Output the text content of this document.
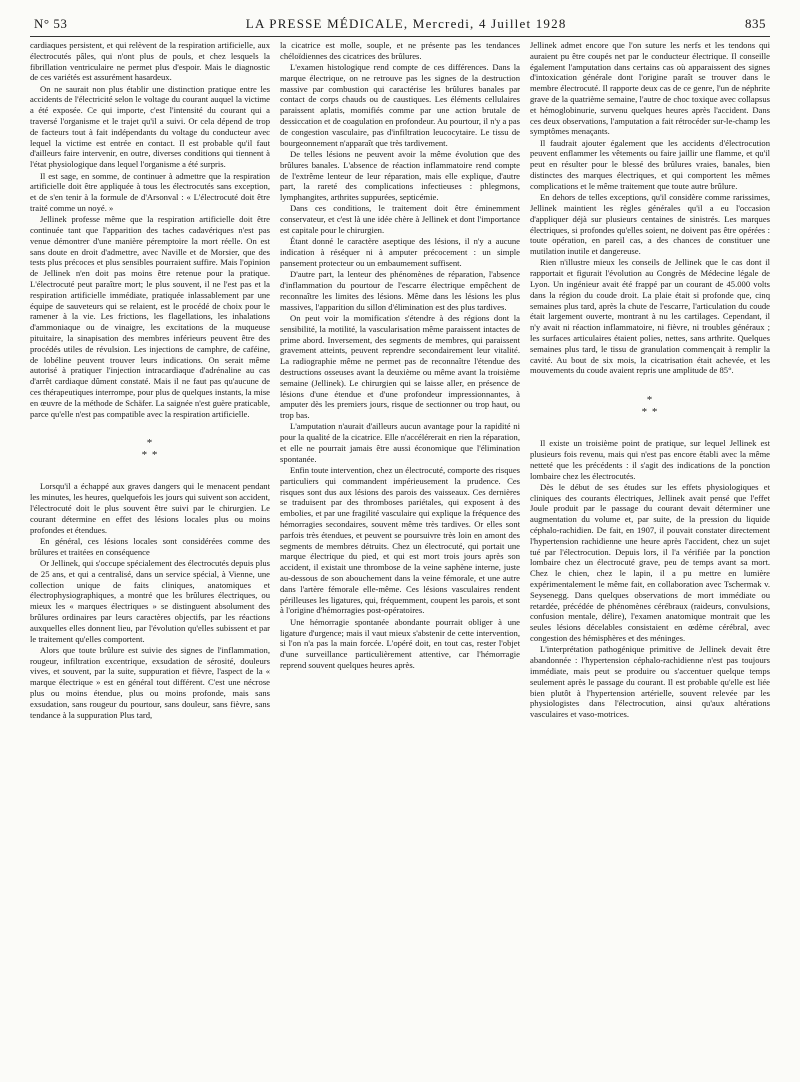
N° 53	LA PRESSE MÉDICALE, Mercredi, 4 Juillet 1928	835

cardiaques persistent, et qui relèvent de la respiration artificielle, aux électrocutés pâles, qui n'ont plus de pouls, et chez lesquels la fibrillation ventriculaire ne permet plus d'espoir. Mais le diagnostic de ces variétés est assurément hasardeux.

On ne saurait non plus établir une distinction pratique entre les accidents de l'électricité selon le voltage du courant auquel la victime a été exposée. Ce qui importe, c'est l'intensité du courant qui a traversé l'organisme et le trajet qu'il a suivi. Or cela dépend de trop de facteurs tout à fait indépendants du voltage du conducteur avec lequel la victime est entrée en contact. Il est probable qu'il faut d'ailleurs faire intervenir, en outre, diverses conditions qui tiennent à l'état physiologique dans lequel l'organisme a été surpris.

Il est sage, en somme, de continuer à admettre que la respiration artificielle doit être appliquée à tous les électrocutés sans exception, et de s'en tenir à la formule de d'Arsonval : « L'électrocuté doit être traité comme un noyé. »

Jellinek professe même que la respiration artificielle doit être continuée tant que l'apparition des taches cadavériques n'est pas venue démontrer d'une manière péremptoire la mort réelle. On est sans doute en droit d'admettre, avec Naville et de Morsier, que des tests plus précoces et plus sensibles pourraient suffire. Mais l'opinion de Jellinek n'en doit pas moins être retenue pour la pratique. L'électrocuté peut paraître mort; le plus souvent, il ne l'est pas et la respiration artificielle immédiate, pratiquée inlassablement par une équipe de sauveteurs qui se relaient, est le procédé de choix pour le ramener à la vie. Les frictions, les flagellations, les inhalations d'ammoniaque ou de vinaigre, les excitations de la muqueuse pituitaire, la sinapisation des membres inférieurs peuvent être des procédés utiles de révulsion. Les injections de camphre, de caféine, de lobéline peuvent trouver leurs indications. On serait même autorisé à pratiquer l'injection intracardiaque d'adrénaline au cas d'arrêt cardiaque dûment constaté. Mais il ne faut pas qu'aucune de ces thérapeutiques interrompe, pour plus de quelques instants, la mise en œuvre de la méthode de Schäfer. La saignée n'est guère praticable, parce qu'elle n'est pas compatible avec la respiration artificielle.

*
* *

Lorsqu'il a échappé aux graves dangers qui le menacent pendant les minutes, les heures, quelquefois les jours qui suivent son accident, l'électrocuté doit le plus souvent être suivi par le chirurgien. Le courant détermine en effet des lésions locales plus ou moins profondes et étendues.

En général, ces lésions locales sont considérées comme des brûlures et traitées en conséquence

Or Jellinek, qui s'occupe spécialement des électrocutés depuis plus de 25 ans, et qui a centralisé, dans un service spécial, à Vienne, une collection unique de faits cliniques, anatomiques et électrophysiographiques, a montré que les brûlures électriques, ou mieux les « marques électriques » se distinguent absolument des brûlures ordinaires par leurs caractères objectifs, par les réactions auxquelles elles donnent lieu, par l'évolution qu'elles subissent et par le traitement qu'elles comportent.

Alors que toute brûlure est suivie des signes de l'inflammation, rougeur, infiltration excentrique, exsudation de sérosité, douleurs vives, et souvent, par la suite, suppuration et fièvre, l'aspect de la « marque électrique » est en général tout différent. C'est une nécrose plus ou moins étendue, plus ou moins profonde, mais sans exsudation, sans rougeur du pourtour, sans douleur, sans fièvre, sans tendance à la suppuration Plus tard,

la cicatrice est molle, souple, et ne présente pas les tendances chéloïdiennes des cicatrices des brûlures.

L'examen histologique rend compte de ces différences. Dans la marque électrique, on ne retrouve pas les signes de la destruction massive par combustion qui caractérise les brûlures banales par contact de corps chauds ou de caustiques. Les éléments cellulaires paraissent aplatis, momifiés comme par une action brutale de dessiccation et de coagulation en profondeur. Au pourtour, il n'y a pas de congestion vasculaire, pas d'infiltration leucocytaire. Le tissu de bourgeonnement n'apparaît que très tardivement.

De telles lésions ne peuvent avoir la même évolution que des brûlures banales. L'absence de réaction inflammatoire rend compte de l'extrême lenteur de leur réparation, mais elle explique, d'autre part, la rareté des complications infectieuses : phlegmons, lymphangites, arthrites suppurées, septicémie.

Dans ces conditions, le traitement doit être éminemment conservateur, et c'est là une idée chère à Jellinek et dont l'importance est capitale pour le chirurgien.

Étant donné le caractère aseptique des lésions, il n'y a aucune indication à réséquer ni à amputer précocement : un simple pansement protecteur ou un embaumement suffisent.

D'autre part, la lenteur des phénomènes de réparation, l'absence d'inflammation du pourtour de l'escarre électrique empêchent de reconnaître les limites des lésions. Même dans les lésions les plus massives, l'apparition du sillon d'élimination est des plus tardives.

On peut voir la momification s'étendre à des régions dont la sensibilité, la motilité, la vascularisation même paraissent intactes de prime abord. Inversement, des segments de membres, qui paraissent gravement atteints, peuvent reprendre secondairement leur vitalité. La radiographie même ne permet pas de reconnaître l'étendue des destructions osseuses avant la deuxième ou même avant la troisième semaine (Jellinek). Le chirurgien qui se laisse aller, en présence de lésions d'une étendue et d'une profondeur impressionnantes, à amputer dès les premiers jours, risque de sectionner ou trop haut, ou trop bas.

L'amputation n'aurait d'ailleurs aucun avantage pour la rapidité ni pour la qualité de la cicatrice. Elle n'accélérerait en rien la réparation, et elle ne pourrait jamais être aussi économique que l'élimination spontanée.

Enfin toute intervention, chez un électrocuté, comporte des risques particuliers qui commandent impérieusement la prudence. Ces risques sont dus aux lésions des parois des vaisseaux. Ces dernières se traduisent par des thromboses pariétales, qui exposent à des embolies, et par une fragilité vasculaire qui explique la fréquence des hémorragies secondaires, souvent même très tardives. Or elles sont parfois très étendues, et peuvent se poursuivre très loin en amont des segments de membres détruits. Chez un électrocuté, qui portait une marque électrique du pied, et qui est mort trois jours après son accident, il existait une thrombose de la veine saphène interne, juste au-dessous de son abouchement dans la veine fémorale, et une autre dans l'artère fémorale elle-même. Ces lésions vasculaires rendent périlleuses les ligatures, qui, fréquemment, coupent les parois, et sont à l'origine d'hémorragies post-opératoires.

Une hémorragie spontanée abondante pourrait obliger à une ligature d'urgence; mais il vaut mieux s'abstenir de cette intervention, si l'on n'a pas la main forcée. L'opéré doit, en tout cas, rester l'objet d'une surveillance particulièrement attentive, car l'hémorragie reprend souvent quelques heures après.

Jellinek admet encore que l'on suture les nerfs et les tendons qui auraient pu être coupés net par le conducteur électrique. Il conseille également l'amputation dans certains cas où apparaissent des signes d'intoxication générale dont l'origine paraît se trouver dans le membre électrocuté. Il rapporte deux cas de ce genre, l'un de néphrite grave de la quatrième semaine, l'autre de choc toxique avec collapsus et hémoglobinurie, survenu quelques heures après l'accident. Dans ces deux observations, l'amputation a fait rétrocéder sur-le-champ les symptômes menaçants.

Il faudrait ajouter également que les accidents d'électrocution peuvent enflammer les vêtements ou faire jaillir une flamme, et qu'il peut en résulter pour le blessé des brûlures vraies, banales, bien distinctes des marques électriques, et qui comportent les mêmes complications et le même traitement que toute autre brûlure.

En dehors de telles exceptions, qu'il considère comme rarissimes, Jellinek maintient les règles générales qu'il a eu l'occasion d'appliquer déjà sur plusieurs centaines de sinistrés. Les marques électriques, si profondes qu'elles soient, ne doivent pas être opérées : toute opération, en pareil cas, a des chances de constituer une mutilation inutile et dangereuse.

Rien n'illustre mieux les conseils de Jellinek que le cas dont il rapportait et figurait l'évolution au Congrès de Médecine légale de Lyon. Un ingénieur avait été frappé par un courant de 45.000 volts dans la région du coude droit. La plaie était si profonde que, cinq semaines plus tard, après la chute de l'escarre, l'articulation du coude était largement ouverte, montrant à nu les cartilages. Cependant, il n'y avait ni réaction inflammatoire, ni fièvre, ni troubles généraux ; les surfaces articulaires étaient polies, nettes, sans arthrite. Quelques semaines plus tard, le tissu de granulation commençait à remplir la cavité. Au bout de six mois, la cicatrisation était achevée, et les mouvements du coude avaient repris une amplitude de 85°.

*
* *

Il existe un troisième point de pratique, sur lequel Jellinek est plusieurs fois revenu, mais qui n'est pas encore établi avec la même netteté que les précédents : il s'agit des indications de la ponction lombaire chez les électrocutés.

Dès le début de ses études sur les effets physiologiques et cliniques des courants électriques, Jellinek avait pensé que l'effet Joule produit par le passage du courant devait déterminer une augmentation du volume et, par suite, de la pression du liquide céphalo-rachidien. De fait, en 1907, il pouvait constater directement l'hypertension rachidienne une heure après l'accident, chez un sujet tué par l'électrocution. Depuis lors, il l'a vérifiée par la ponction lombaire chez un électrocuté grave, peu de temps avant sa mort. Chez le chien, chez le lapin, il a pu mettre en lumière expérimentalement le même fait, en collaboration avec Tschermak v. Seysenegg. Dans quelques observations de mort immédiate ou retardée, précédée de phénomènes cérébraux (raideurs, convulsions, confusion mentale, délire), l'examen anatomique montrait que les seules lésions décelables consistaient en œdème cérébral, avec congestion des hémisphères et des méninges.

L'interprétation pathogénique primitive de Jellinek devait être abandonnée : l'hypertension céphalo-rachidienne n'est pas toujours immédiate, mais peut se produire ou s'accentuer quelque temps seulement après le passage du courant. Il est probable qu'elle est liée bien plutôt à l'hypertension artérielle, souvent relevée par les physiologistes dans l'électrocution, ainsi qu'aux altérations vasculaires et vaso-motrices.
